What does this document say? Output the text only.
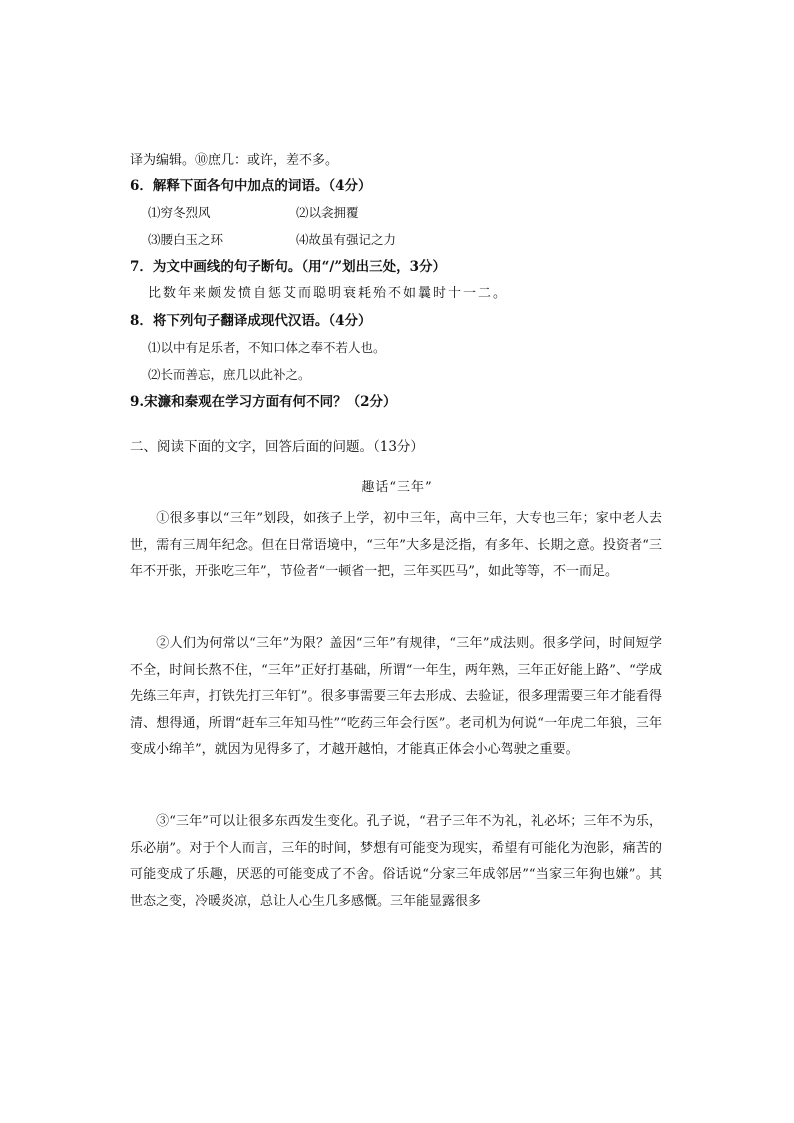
译为编辑。⑩庶几：或许，差不多。
6．解释下面各句中加点的词语。（4分）
⑴穷冬烈风	⑵以衾拥覆
⑶腰白玉之环	⑷故虽有强记之力
7．为文中画线的句子断句。（用“/”划出三处，3分）
比数年来颇发愤自惩艾而聪明衰耗殆不如曩时十一二。
8．将下列句子翻译成现代汉语。（4分）
⑴以中有足乐者，不知口体之奉不若人也。
⑵长而善忘，庶几以此补之。
9.宋濂和秦观在学习方面有何不同？（2分）
二、阅读下面的文字，回答后面的问题。（13分）
趣话“三年”
①很多事以“三年”划段，如孩子上学，初中三年，高中三年，大专也三年；家中老人去世，需有三周年纪念。但在日常语境中，“三年”大多是泛指，有多年、长期之意。投资者“三年不开张，开张吃三年”，节俭者“一顿省一把，三年买匹马”，如此等等，不一而足。
②人们为何常以“三年”为限？盖因“三年”有规律，“三年”成法则。很多学问，时间短学不全，时间长熬不住，“三年”正好打基础，所谓“一年生，两年熟，三年正好能上路”、“学成先练三年声，打铁先打三年钉”。很多事需要三年去形成、去验证，很多理需要三年才能看得清、想得通，所谓“赶车三年知马性”“吃药三年会行医”。老司机为何说“一年虎二年狼，三年变成小绵羊”，就因为见得多了，才越开越怕，才能真正体会小心驾驶之重要。
③“三年”可以让很多东西发生变化。孔子说，“君子三年不为礼，礼必坏；三年不为乐，乐必崩”。对于个人而言，三年的时间，梦想有可能变为现实，希望有可能化为泡影，痛苦的可能变成了乐趣，厌恶的可能变成了不舍。俗话说“分家三年成邻居”“当家三年狗也嫌”。其世态之变，冷暖炎凉，总让人心生几多感慨。三年能显露很多
